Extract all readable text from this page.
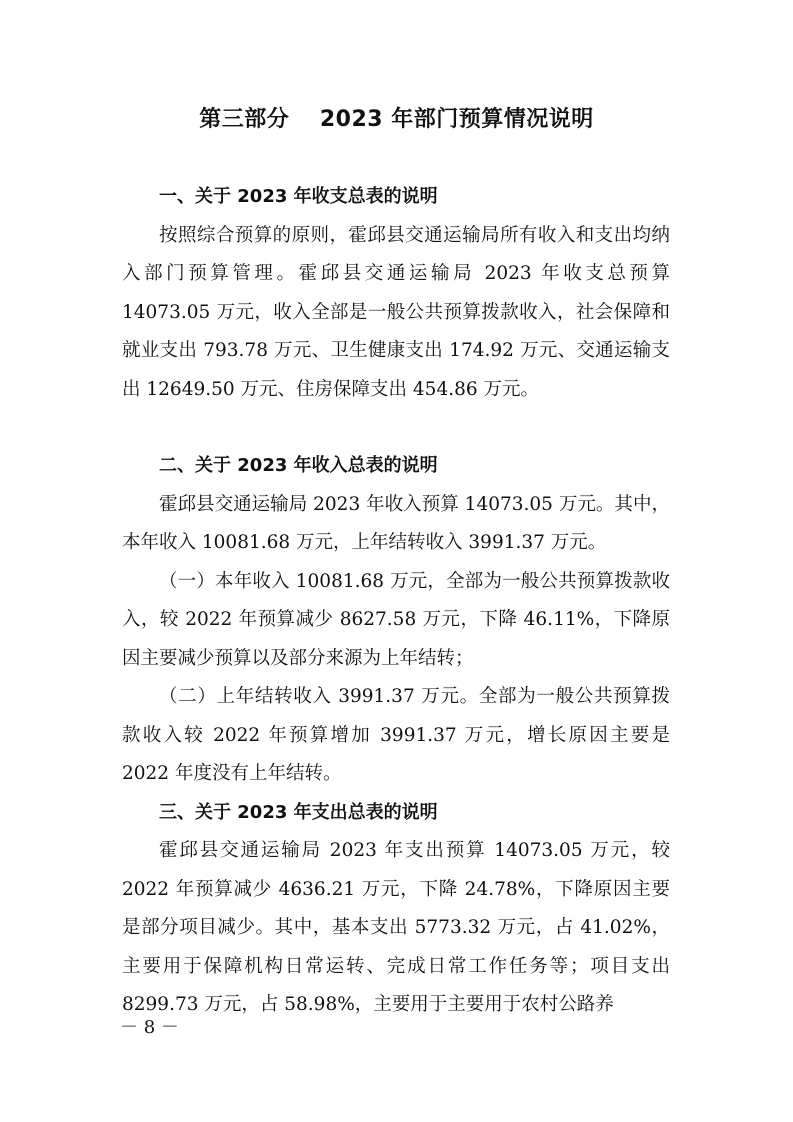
第三部分　 2023 年部门预算情况说明

一、关于 2023 年收支总表的说明

按照综合预算的原则，霍邱县交通运输局所有收入和支出均纳入部门预算管理。霍邱县交通运输局 2023 年收支总预算 14073.05 万元，收入全部是一般公共预算拨款收入，社会保障和就业支出 793.78 万元、卫生健康支出 174.92 万元、交通运输支出 12649.50 万元、住房保障支出 454.86 万元。

二、关于 2023 年收入总表的说明

霍邱县交通运输局 2023 年收入预算 14073.05 万元。其中，本年收入 10081.68 万元，上年结转收入 3991.37 万元。

（一）本年收入 10081.68 万元，全部为一般公共预算拨款收入，较 2022 年预算减少 8627.58 万元，下降 46.11%，下降原因主要减少预算以及部分来源为上年结转；

（二）上年结转收入 3991.37 万元。全部为一般公共预算拨款收入较 2022 年预算增加 3991.37 万元，增长原因主要是 2022 年度没有上年结转。

三、关于 2023 年支出总表的说明

霍邱县交通运输局 2023 年支出预算 14073.05 万元，较 2022 年预算减少 4636.21 万元，下降 24.78%，下降原因主要是部分项目减少。其中，基本支出 5773.32 万元，占 41.02%，主要用于保障机构日常运转、完成日常工作任务等；项目支出 8299.73 万元，占 58.98%，主要用于主要用于农村公路养

－ 8 －
